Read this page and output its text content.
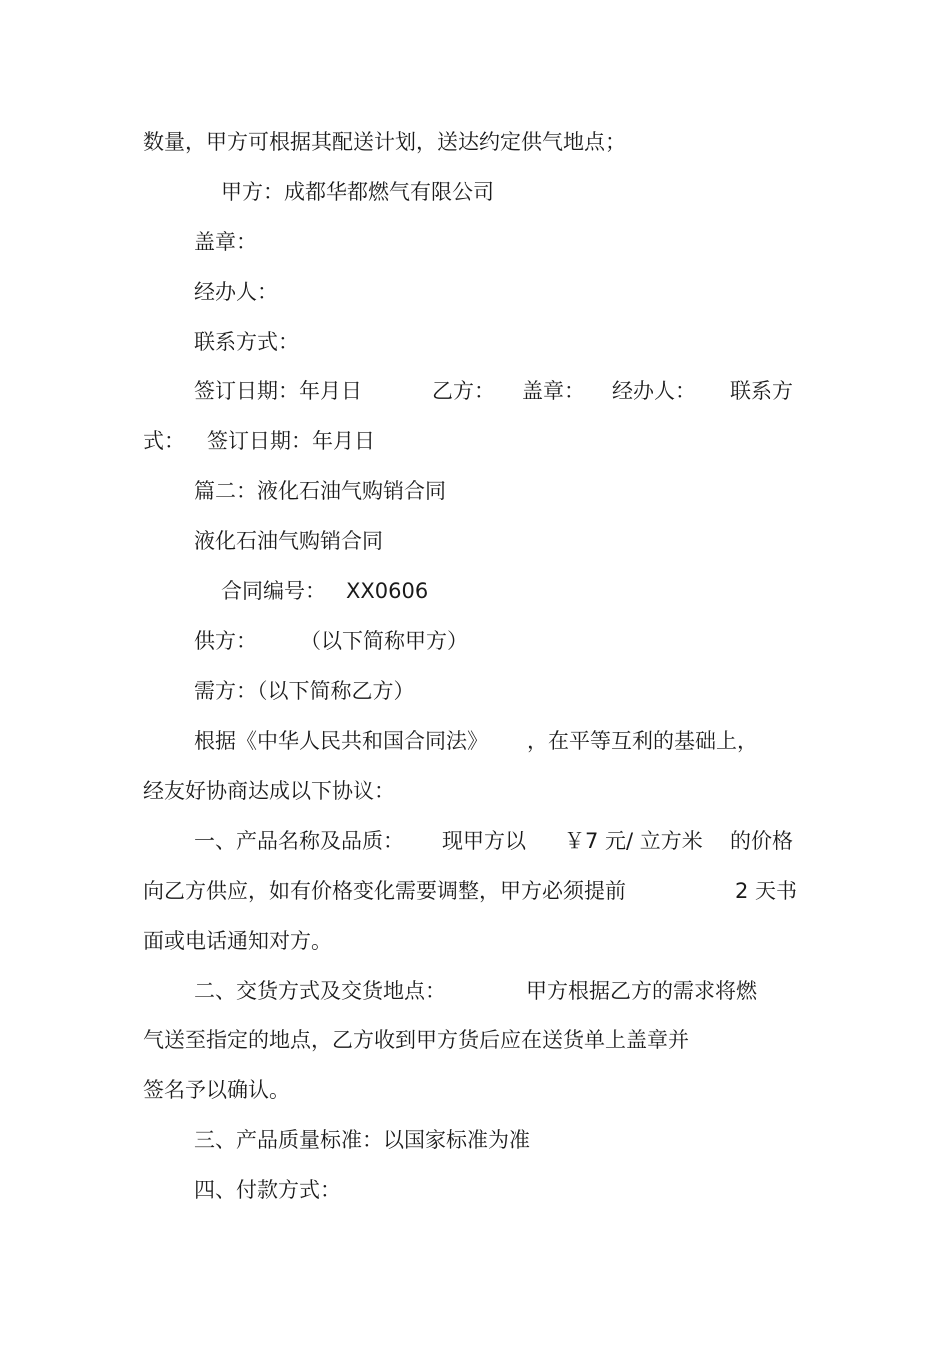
数量，甲方可根据其配送计划，送达约定供气地点；
甲方：成都华都燃气有限公司
盖章：
经办人：
联系方式：
签订日期：年月日	乙方： 盖章： 经办人： 联系方
式： 签订日期：年月日
篇二：液化石油气购销合同
液化石油气购销合同
合同编号： XX0606
供方： （以下简称甲方）
需方：（以下简称乙方）
根据《中华人民共和国合同法》 ，在平等互利的基础上，
经友好协商达成以下协议：
一、产品名称及品质： 现甲方以 ￥7 元/ 立方米 的价格
向乙方供应，如有价格变化需要调整，甲方必须提前	2 天书
面或电话通知对方。
二、交货方式及交货地点：	甲方根据乙方的需求将燃
气送至指定的地点，乙方收到甲方货后应在送货单上盖章并
签名予以确认。
三、产品质量标准：以国家标准为准
四、付款方式：
